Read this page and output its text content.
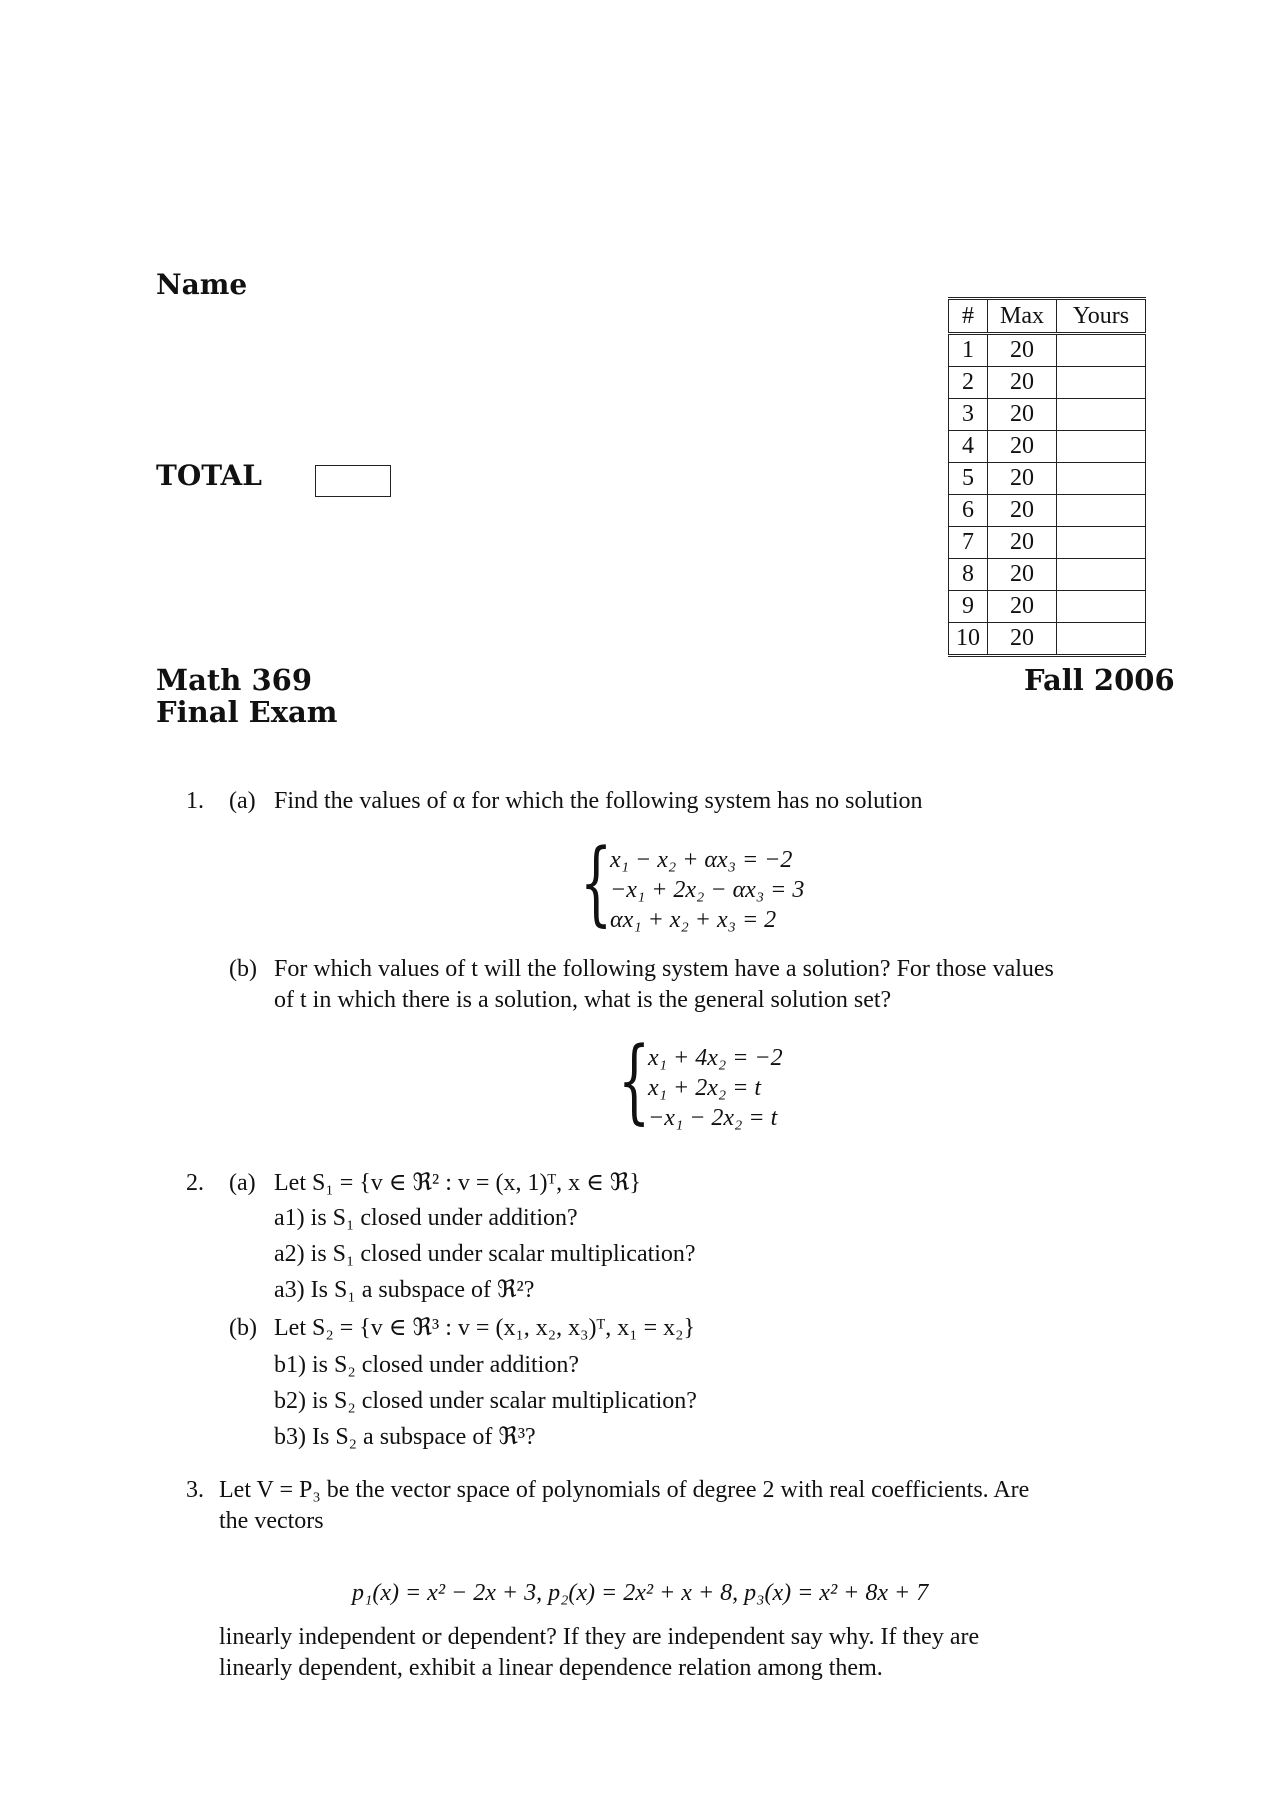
Name
TOTAL
#	Max	Yours
1	20	
2	20	
3	20	
4	20	
5	20	
6	20	
7	20	
8	20	
9	20	
10	20	
Math 369
Final Exam
Fall 2006
1. (a) Find the values of α for which the following system has no solution
{
x₁ − x₂ + αx₃ = −2
−x₁ + 2x₂ − αx₃ = 3
αx₁ + x₂ + x₃ = 2
(b) For which values of t will the following system have a solution? For those values
of t in which there is a solution, what is the general solution set?
{
x₁ + 4x₂ = −2
x₁ + 2x₂ = t
−x₁ − 2x₂ = t
2. (a) Let S₁ = {v ∈ ℜ² : v = (x, 1)ᵀ, x ∈ ℜ}
a1) is S₁ closed under addition?
a2) is S₁ closed under scalar multiplication?
a3) Is S₁ a subspace of ℜ²?
(b) Let S₂ = {v ∈ ℜ³ : v = (x₁, x₂, x₃)ᵀ, x₁ = x₂}
b1) is S₂ closed under addition?
b2) is S₂ closed under scalar multiplication?
b3) Is S₂ a subspace of ℜ³?
3. Let V = P₃ be the vector space of polynomials of degree 2 with real coefficients. Are
the vectors
p₁(x) = x² − 2x + 3, p₂(x) = 2x² + x + 8, p₃(x) = x² + 8x + 7
linearly independent or dependent? If they are independent say why. If they are
linearly dependent, exhibit a linear dependence relation among them.
